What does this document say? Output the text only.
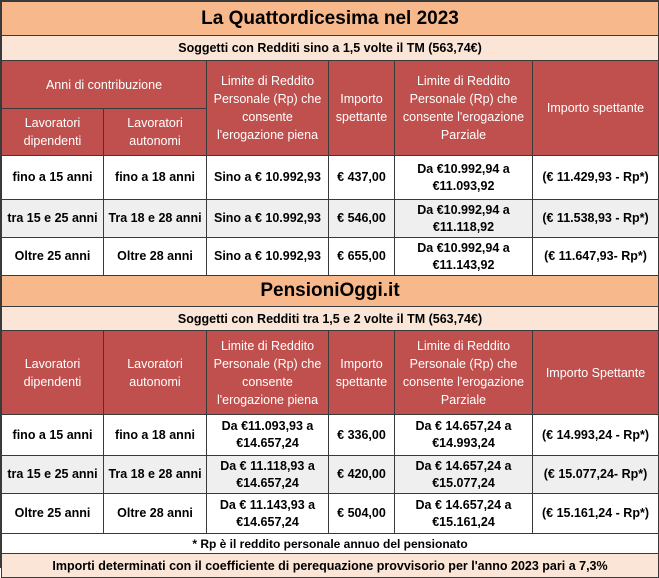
La Quattordicesima nel 2023					
Soggetti con Redditi sino a 1,5 volte il TM (563,74€)					
Anni di contribuzione		Limite di Reddito Personale (Rp) che consente l'erogazione piena	Importo spettante	Limite di Reddito Personale (Rp) che consente l'erogazione Parziale	Importo spettante
Lavoratori dipendenti	Lavoratori autonomi				
fino a 15 anni	fino a 18 anni	Sino a € 10.992,93	€ 437,00	Da €10.992,94 a €11.093,92	(€ 11.429,93 - Rp*)
tra 15 e 25 anni	Tra 18 e 28 anni	Sino a € 10.992,93	€ 546,00	Da €10.992,94 a €11.118,92	(€ 11.538,93 - Rp*)
Oltre 25 anni	Oltre 28 anni	Sino a € 10.992,93	€ 655,00	Da €10.992,94 a €11.143,92	(€ 11.647,93- Rp*)
PensioniOggi.it					
Soggetti con Redditi tra 1,5 e 2 volte il TM (563,74€)					
Lavoratori dipendenti	Lavoratori autonomi	Limite di Reddito Personale (Rp) che consente l'erogazione piena	Importo spettante	Limite di Reddito Personale (Rp) che consente l'erogazione Parziale	Importo Spettante
fino a 15 anni	fino a 18 anni	Da €11.093,93 a €14.657,24	€ 336,00	Da € 14.657,24 a €14.993,24	(€ 14.993,24 - Rp*)
tra 15 e 25 anni	Tra 18 e 28 anni	Da € 11.118,93 a €14.657,24	€ 420,00	Da € 14.657,24 a €15.077,24	(€ 15.077,24- Rp*)
Oltre 25 anni	Oltre 28 anni	Da € 11.143,93 a €14.657,24	€ 504,00	Da € 14.657,24 a €15.161,24	(€ 15.161,24 - Rp*)
* Rp è il reddito personale annuo del pensionato					
Importi determinati con il coefficiente di perequazione provvisorio per l'anno 2023 pari a 7,3%					
